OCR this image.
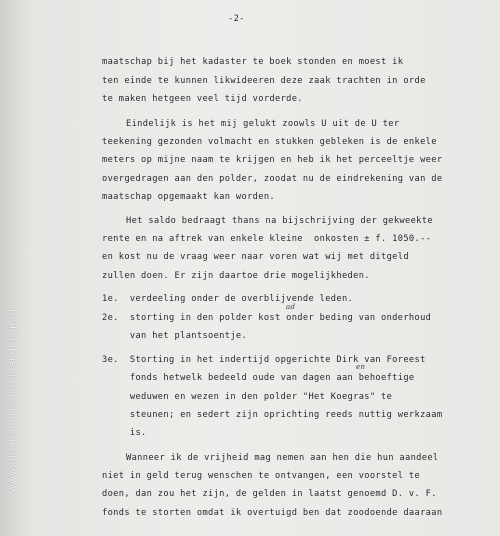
www.julianadorp-parelvandekop.nl
-2-
maatschap bij het kadaster te boek stonden en moest ik
ten einde te kunnen likwideeren deze zaak trachten in orde
te maken hetgeen veel tijd vorderde.
Eindelijk is het mij gelukt zoowls U uit de U ter
teekening gezonden volmacht en stukken gebleken is de enkele
meters op mijne naam te krijgen en heb ik het perceeltje weer
overgedragen aan den polder, zoodat nu de eindrekening van de
maatschap opgemaakt kan worden.
Het saldo bedraagt thans na bijschrijving der gekweekte
rente en na aftrek van enkele kleine  onkosten ± f. 1050.--
en kost nu de vraag weer naar voren wat wij met ditgeld
zullen doen. Er zijn daartoe drie mogelijkheden.
1e.  verdeeling onder de overblijvende leden.
2e.  storting in den polder kost onder beding van onderhoud
ad
van het plantsoentje.
3e.  Storting in het indertijd opgerichte Dirk van Foreest
fonds hetwelk bedeeld oude van dagen aan behoeftige
en
weduwen en wezen in den polder "Het Koegras" te
steunen; en sedert zijn oprichting reeds nuttig werkzaam
is.
Wanneer ik de vrijheid mag nemen aan hen die hun aandeel
niet in geld terug wenschen te ontvangen, een voorstel te
doen, dan zou het zijn, de gelden in laatst genoemd D. v. F.
fonds te storten omdat ik overtuigd ben dat zoodoende daaraan
